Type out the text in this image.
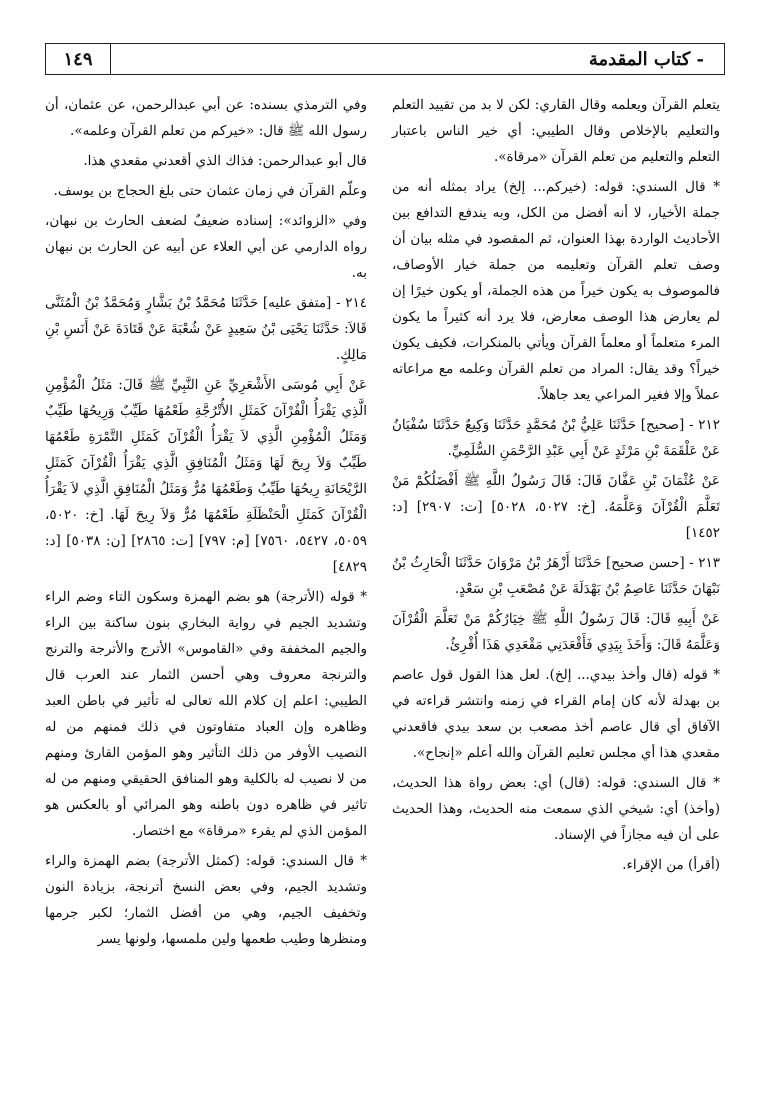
١٤٩	- كتاب المقدمة

يتعلم القرآن ويعلمه وقال القاري: لكن لا بد من تقييد التعلم والتعليم بالإخلاص وقال الطيبي: أي خير الناس باعتبار التعلم والتعليم من تعلم القرآن «مرقاة».

* قال السندي: قوله: (خيركم... إلخ) يراد بمثله أنه من جملة الأخيار، لا أنه أفضل من الكل، وبه يندفع التدافع بين الأحاديث الواردة بهذا العنوان، ثم المقصود في مثله بيان أن وصف تعلم القرآن وتعليمه من جملة خيار الأوصاف، فالموصوف به يكون خيراً من هذه الجملة، أو يكون خيرًا إن لم يعارض هذا الوصف معارض، فلا يرد أنه كثيراً ما يكون المرء متعلماً أو معلماً القرآن ويأتي بالمنكرات، فكيف يكون خيراً؟ وقد يقال: المراد من تعلم القرآن وعلمه مع مراعاته عملاً وإلا فغير المراعي يعد جاهلاً.

٢١٢ - [صحيح] حَدَّثَنَا عَلِيُّ بْنُ مُحَمَّدٍ حَدَّثَنَا وَكِيعٌ حَدَّثَنَا سُفْيَانُ عَنْ عَلْقَمَةَ بْنِ مَرْثَدٍ عَنْ أَبِي عَبْدِ الرَّحْمَنِ السُّلَمِيِّ.

عَنْ عُثْمَانَ بْنِ عَفَّانَ قَالَ: قَالَ رَسُولُ اللَّهِ ﷺ أَفْضَلُكُمْ مَنْ تَعَلَّمَ الْقُرْآنَ وَعَلَّمَهُ. [خ: ٥٠٢٧، ٥٠٢٨] [ت: ٢٩٠٧] [د: ١٤٥٢]

٢١٣ - [حسن صحيح] حَدَّثَنَا أَزْهَرُ بْنُ مَرْوَانَ حَدَّثَنَا الْحَارِثُ بْنُ نَبْهَانَ حَدَّثَنَا عَاصِمُ بْنُ بَهْدَلَةَ عَنْ مُصْعَبِ بْنِ سَعْدٍ.

عَنْ أَبِيهِ قَالَ: قَالَ رَسُولُ اللَّهِ ﷺ خِيَارُكُمْ مَنْ تَعَلَّمَ الْقُرْآنَ وَعَلَّمَهُ قَالَ: وَأَخَذَ بِيَدِي فَأَقْعَدَنِي مَقْعَدِي هَذَا أُقْرِئُ.

* قوله (قال وأخذ بيدي... إلخ). لعل هذا القول قول عاصم بن بهدلة لأنه كان إمام القراء في زمنه وانتشر قراءته في الآفاق أي قال عاصم أخذ مصعب بن سعد بيدي فاقعدني مقعدي هذا أي مجلس تعليم القرآن والله أعلم «إنجاح».

* قال السندي: قوله: (قال) أي: بعض رواة هذا الحديث، (وأخذ) أي: شيخي الذي سمعت منه الحديث، وهذا الحديث على أن فيه مجازاً في الإسناد.

(أقرأ) من الإقراء.

وفي الترمذي بسنده: عن أبي عبدالرحمن، عن عثمان، أن رسول الله ﷺ قال: «خيركم من تعلم القرآن وعلمه».

قال أبو عبدالرحمن: فذاك الذي أقعدني مقعدي هذا.

وعلّم القرآن في زمان عثمان حتى بلغ الحجاج بن يوسف.

وفي «الزوائد»: إسناده ضعيفٌ لضعف الحارث بن نبهان، رواه الدارمي عن أبي العلاء عن أبيه عن الحارث بن نبهان به.

٢١٤ - [متفق عليه] حَدَّثَنَا مُحَمَّدُ بْنُ بَشَّارٍ وَمُحَمَّدُ بْنُ الْمُثَنَّى قَالاَ: حَدَّثَنَا يَحْيَى بْنُ سَعِيدٍ عَنْ شُعْبَةَ عَنْ قَتَادَةَ عَنْ أَنَسِ بْنِ مَالِكٍ.

عَنْ أَبِي مُوسَى الأَشْعَرِيِّ عَنِ النَّبِيِّ ﷺ قَالَ: مَثَلُ الْمُؤْمِنِ الَّذِي يَقْرَأُ الْقُرْآنَ كَمَثَلِ الأُتْرُجَّةِ طَعْمُهَا طَيِّبٌ وَرِيحُهَا طَيِّبٌ وَمَثَلُ الْمُؤْمِنِ الَّذِي لاَ يَقْرَأُ الْقُرْآنَ كَمَثَلِ التَّمْرَةِ طَعْمُهَا طَيِّبٌ وَلاَ رِيحَ لَهَا وَمَثَلُ الْمُنَافِقِ الَّذِي يَقْرَأُ الْقُرْآنَ كَمَثَلِ الرَّيْحَانَةِ رِيحُهَا طَيِّبٌ وَطَعْمُهَا مُرٌّ وَمَثَلُ الْمُنَافِقِ الَّذِي لاَ يَقْرَأُ الْقُرْآنَ كَمَثَلِ الْحَنْظَلَةِ طَعْمُهَا مُرٌّ وَلاَ رِيحَ لَهَا. [خ: ٥٠٢٠، ٥٠٥٩، ٥٤٢٧، ٧٥٦٠] [م: ٧٩٧] [ت: ٢٨٦٥] [ن: ٥٠٣٨] [د: ٤٨٢٩]

* قوله (الأترجة) هو بضم الهمزة وسكون التاء وضم الراء وتشديد الجيم في رواية البخاري بنون ساكنة بين الراء والجيم المخففة وفي «القاموس» الأترج والأترجة والترنج والترنجة معروف وهي أحسن الثمار عند العرب قال الطيبي: اعلم إن كلام الله تعالى له تأثير في باطن العبد وظاهره وإن العباد متفاوتون في ذلك فمنهم من له النصيب الأوفر من ذلك التأثير وهو المؤمن القارئ ومنهم من لا نصيب له بالكلية وهو المنافق الحقيقي ومنهم من له تاثير في ظاهره دون باطنه وهو المرائي أو بالعكس هو المؤمن الذي لم يقرء «مرقاة» مع اختصار.

* قال السندي: قوله: (كمثل الأترجة) بضم الهمزة والراء وتشديد الجيم، وفي بعض النسخ أترنجة، بزيادة النون وتخفيف الجيم، وهي من أفضل الثمار؛ لكبر جرمها ومنظرها وطيب طعمها ولين ملمسها، ولونها يسر
